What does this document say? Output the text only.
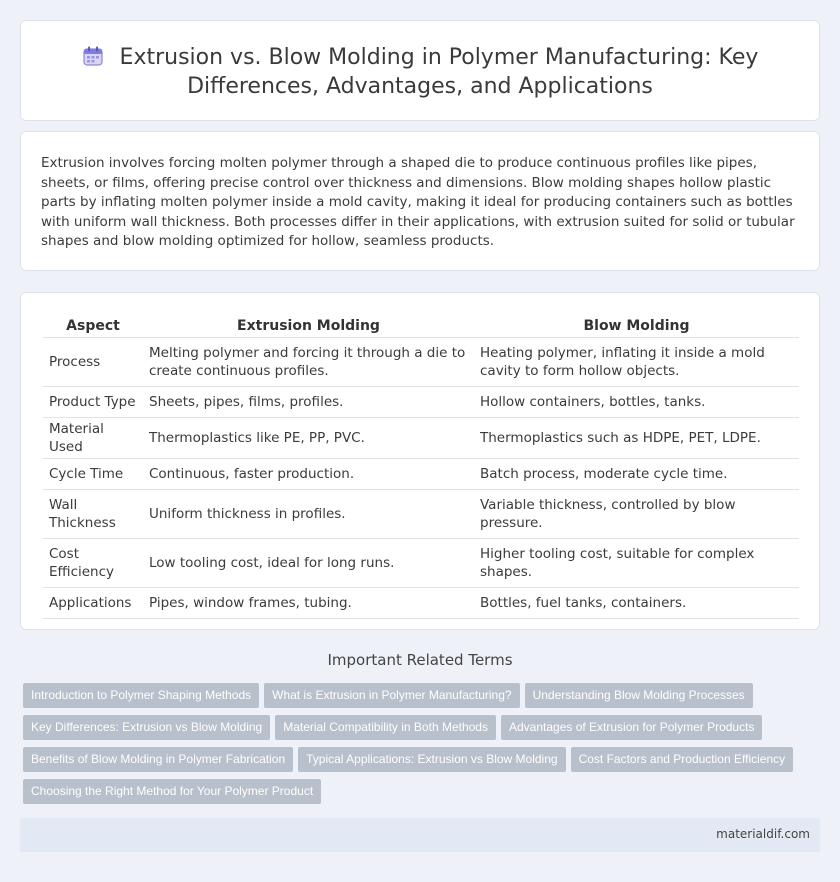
Extrusion vs. Blow Molding in Polymer Manufacturing: Key
Differences, Advantages, and Applications

Extrusion involves forcing molten polymer through a shaped die to produce continuous profiles like pipes, sheets, or films, offering precise control over thickness and dimensions. Blow molding shapes hollow plastic parts by inflating molten polymer inside a mold cavity, making it ideal for producing containers such as bottles with uniform wall thickness. Both processes differ in their applications, with extrusion suited for solid or tubular shapes and blow molding optimized for hollow, seamless products.

Aspect	Extrusion Molding	Blow Molding
Process	Melting polymer and forcing it through a die to create continuous profiles.	Heating polymer, inflating it inside a mold cavity to form hollow objects.
Product Type	Sheets, pipes, films, profiles.	Hollow containers, bottles, tanks.
Material Used	Thermoplastics like PE, PP, PVC.	Thermoplastics such as HDPE, PET, LDPE.
Cycle Time	Continuous, faster production.	Batch process, moderate cycle time.
Wall Thickness	Uniform thickness in profiles.	Variable thickness, controlled by blow pressure.
Cost Efficiency	Low tooling cost, ideal for long runs.	Higher tooling cost, suitable for complex shapes.
Applications	Pipes, window frames, tubing.	Bottles, fuel tanks, containers.
Important Related Terms
Introduction to Polymer Shaping Methods What is Extrusion in Polymer Manufacturing? Understanding Blow Molding Processes
Key Differences: Extrusion vs Blow Molding Material Compatibility in Both Methods Advantages of Extrusion for Polymer Products
Benefits of Blow Molding in Polymer Fabrication Typical Applications: Extrusion vs Blow Molding Cost Factors and Production Efficiency
Choosing the Right Method for Your Polymer Product
materialdif.com
